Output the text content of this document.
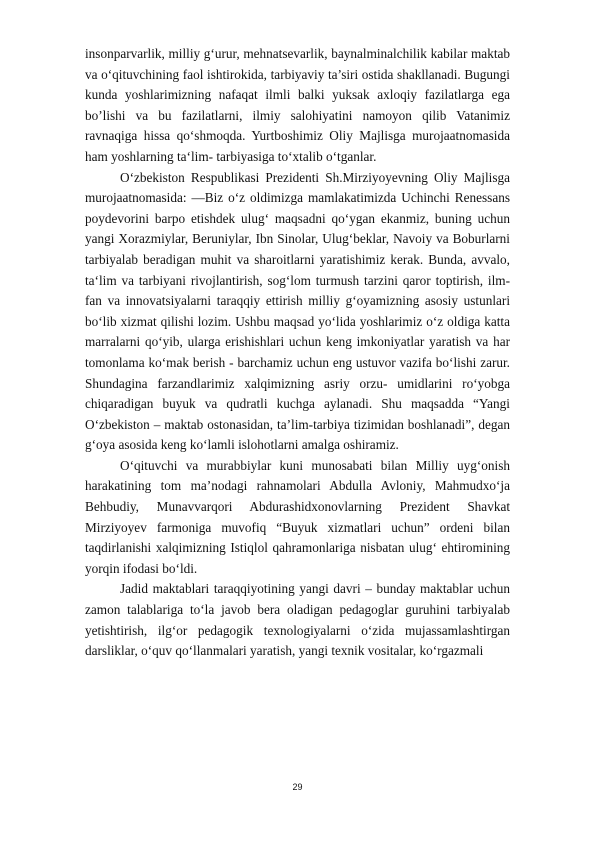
insonparvarlik, milliy g‘urur, mehnatsevarlik, baynalminalchilik kabilar maktab va o‘qituvchining faol ishtirokida, tarbiyaviy ta’siri ostida shakllanadi. Bugungi kunda yoshlarimizning nafaqat ilmli balki yuksak axloqiy fazilatlarga ega bo’lishi va bu fazilatlarni, ilmiy salohiyatini namoyon qilib Vatanimiz ravnaqiga hissa qo‘shmoqda. Yurtboshimiz Oliy Majlisga murojaatnomasida ham yoshlarning ta‘lim- tarbiyasiga to‘xtalib o‘tganlar.

O‘zbekiston Respublikasi Prezidenti Sh.Mirziyoyevning Oliy Majlisga murojaatnomasida: ―Biz o‘z oldimizga mamlakatimizda Uchinchi Renessans poydevorini barpo etishdek ulug‘ maqsadni qo‘ygan ekanmiz, buning uchun yangi Xorazmiylar, Beruniylar, Ibn Sinolar, Ulug‘beklar, Navoiy va Boburlarni tarbiyalab beradigan muhit va sharoitlarni yaratishimiz kerak. Bunda, avvalo, ta‘lim va tarbiyani rivojlantirish, sog‘lom turmush tarzini qaror toptirish, ilm-fan va innovatsiyalarni taraqqiy ettirish milliy g‘oyamizning asosiy ustunlari bo‘lib xizmat qilishi lozim. Ushbu maqsad yo‘lida yoshlarimiz o‘z oldiga katta marralarni qo‘yib, ularga erishishlari uchun keng imkoniyatlar yaratish va har tomonlama ko‘mak berish - barchamiz uchun eng ustuvor vazifa bo‘lishi zarur. Shundagina farzandlarimiz xalqimizning asriy orzu- umidlarini ro‘yobga chiqaradigan buyuk va qudratli kuchga aylanadi. Shu maqsadda “Yangi O‘zbekiston – maktab ostonasidan, ta’lim-tarbiya tizimidan boshlanadi”, degan g‘oya asosida keng ko‘lamli islohotlarni amalga oshiramiz.

O‘qituvchi va murabbiylar kuni munosabati bilan Milliy uyg‘onish harakatining tom ma’nodagi rahnamolari Abdulla Avloniy, Mahmudxo‘ja Behbudiy, Munavvarqori Abdurashidxonovlarning Prezident Shavkat Mirziyoyev farmoniga muvofiq “Buyuk xizmatlari uchun” ordeni bilan taqdirlanishi xalqimizning Istiqlol qahramonlariga nisbatan ulug‘ ehtiromining yorqin ifodasi bo‘ldi.

Jadid maktablari taraqqiyotining yangi davri – bunday maktablar uchun zamon talablariga to‘la javob bera oladigan pedagoglar guruhini tarbiyalab yetishtirish, ilg‘or pedagogik texnologiyalarni o‘zida mujassamlashtirgan darsliklar, o‘quv qo‘llanmalari yaratish, yangi texnik vositalar, ko‘rgazmali

29
